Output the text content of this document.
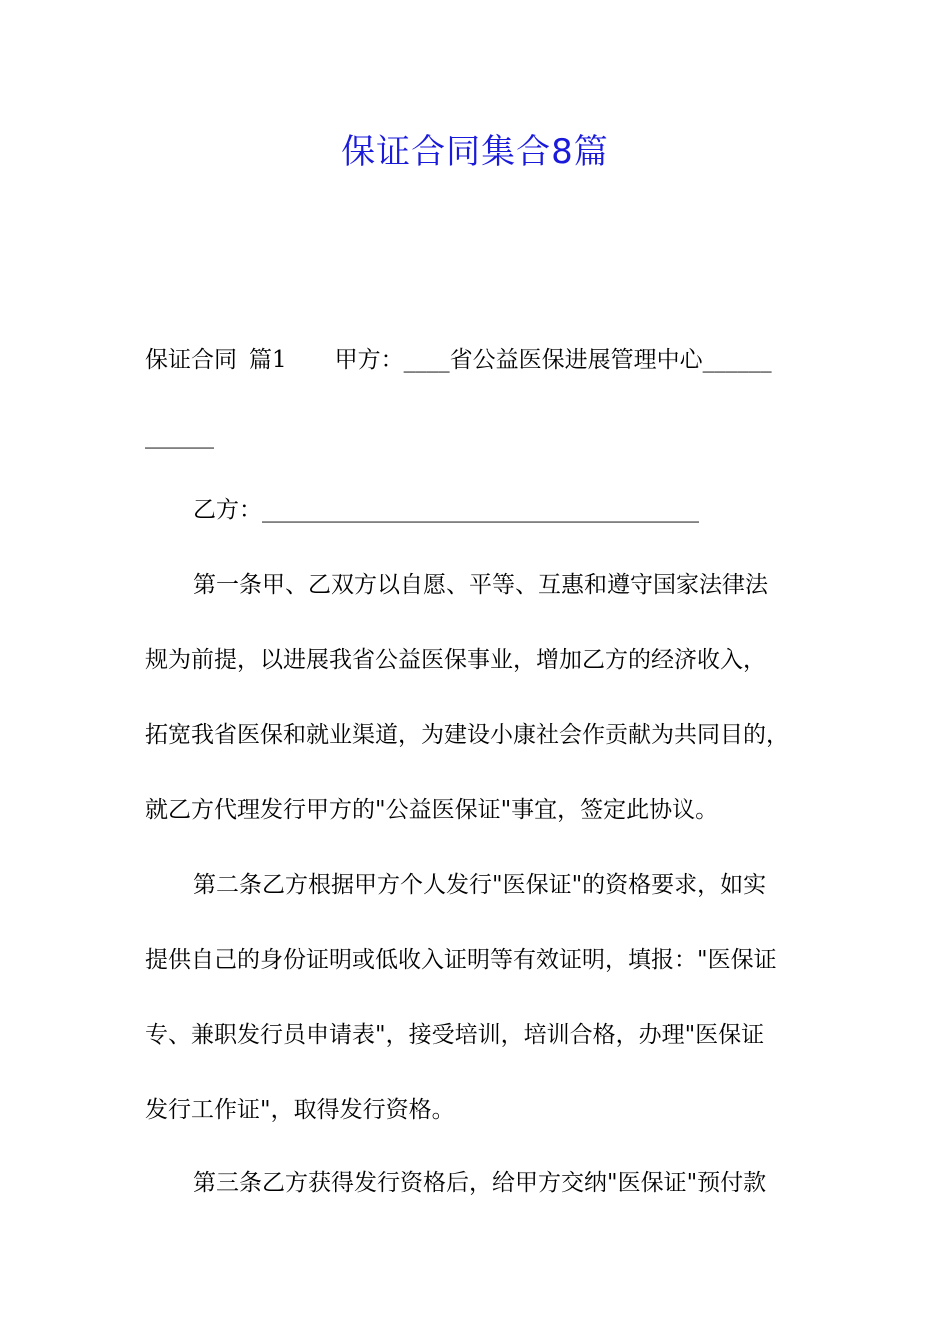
保证合同集合8篇
保证合同 篇1 甲方：____省公益医保进展管理中心______
______
乙方：______________________________________
第一条甲、乙双方以自愿、平等、互惠和遵守国家法律法
规为前提，以进展我省公益医保事业，增加乙方的经济收入，
拓宽我省医保和就业渠道，为建设小康社会作贡献为共同目的，
就乙方代理发行甲方的"公益医保证"事宜，签定此协议。
第二条乙方根据甲方个人发行"医保证"的资格要求，如实
提供自己的身份证明或低收入证明等有效证明，填报："医保证
专、兼职发行员申请表"，接受培训，培训合格，办理"医保证
发行工作证"，取得发行资格。
第三条乙方获得发行资格后，给甲方交纳"医保证"预付款
